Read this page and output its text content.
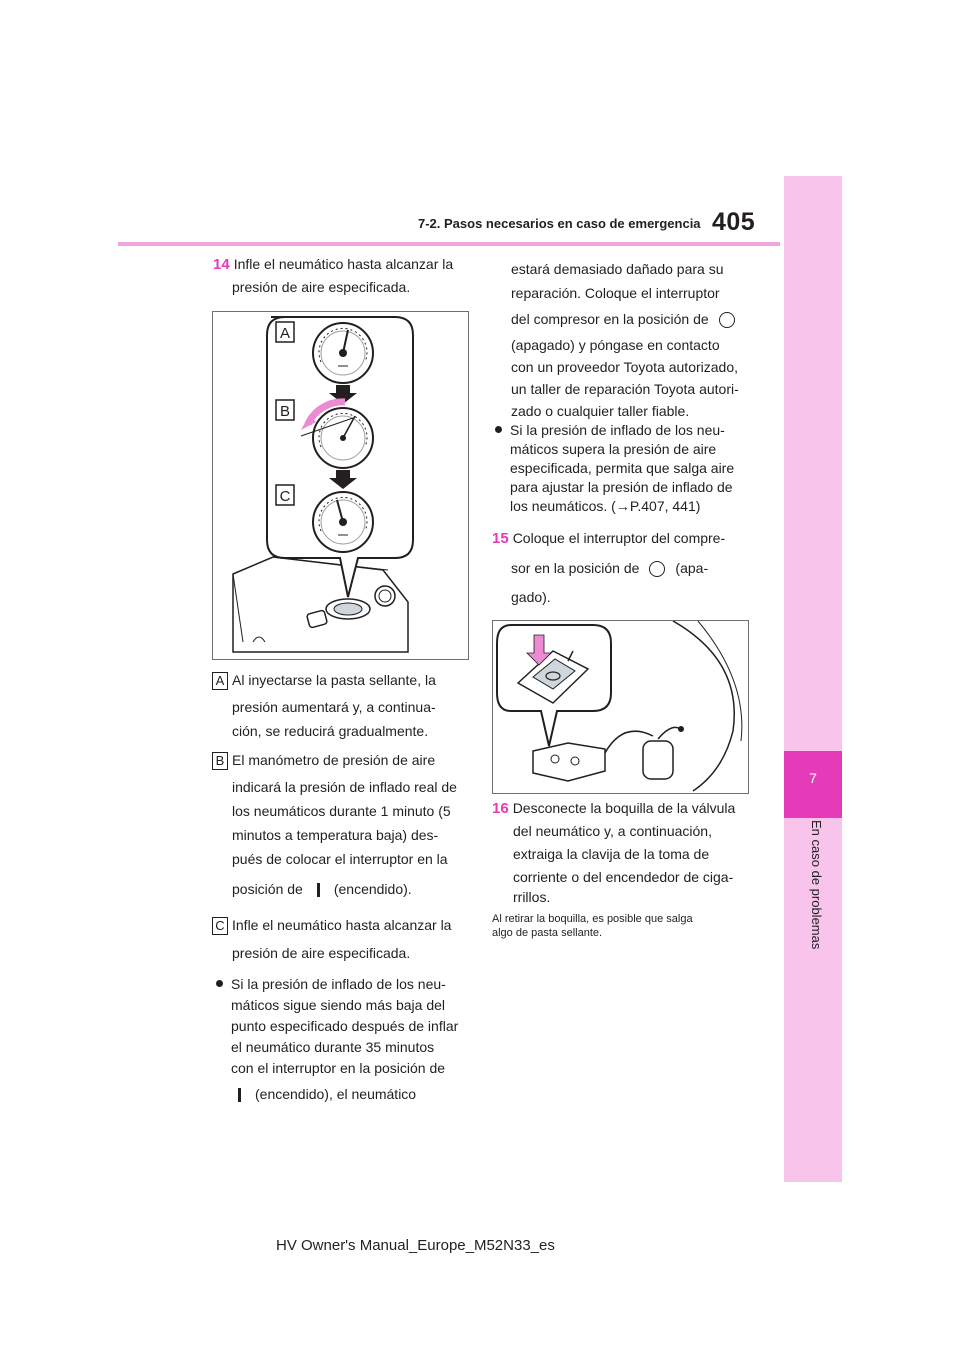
7-2. Pasos necesarios en caso de emergencia 405
7
En caso de problemas
14 Infle el neumático hasta alcanzar la
presión de aire especificada.
A
B
C
A Al inyectarse la pasta sellante, la
presión aumentará y, a continua-
ción, se reducirá gradualmente.
B El manómetro de presión de aire
indicará la presión de inflado real de
los neumáticos durante 1 minuto (5
minutos a temperatura baja) des-
pués de colocar el interruptor en la
posición de (encendido).
C Infle el neumático hasta alcanzar la
presión de aire especificada.
Si la presión de inflado de los neu-
máticos sigue siendo más baja del
punto especificado después de inflar
el neumático durante 35 minutos
con el interruptor en la posición de
(encendido), el neumático
estará demasiado dañado para su
reparación. Coloque el interruptor
del compresor en la posición de
(apagado) y póngase en contacto
con un proveedor Toyota autorizado,
un taller de reparación Toyota autori-
zado o cualquier taller fiable.
Si la presión de inflado de los neu-
máticos supera la presión de aire
especificada, permita que salga aire
para ajustar la presión de inflado de
los neumáticos. (→P.407, 441)
15 Coloque el interruptor del compre-
sor en la posición de	(apa-
gado).
16 Desconecte la boquilla de la válvula
del neumático y, a continuación,
extraiga la clavija de la toma de
corriente o del encendedor de ciga-
rrillos.
Al retirar la boquilla, es posible que salga
algo de pasta sellante.
HV Owner's Manual_Europe_M52N33_es
